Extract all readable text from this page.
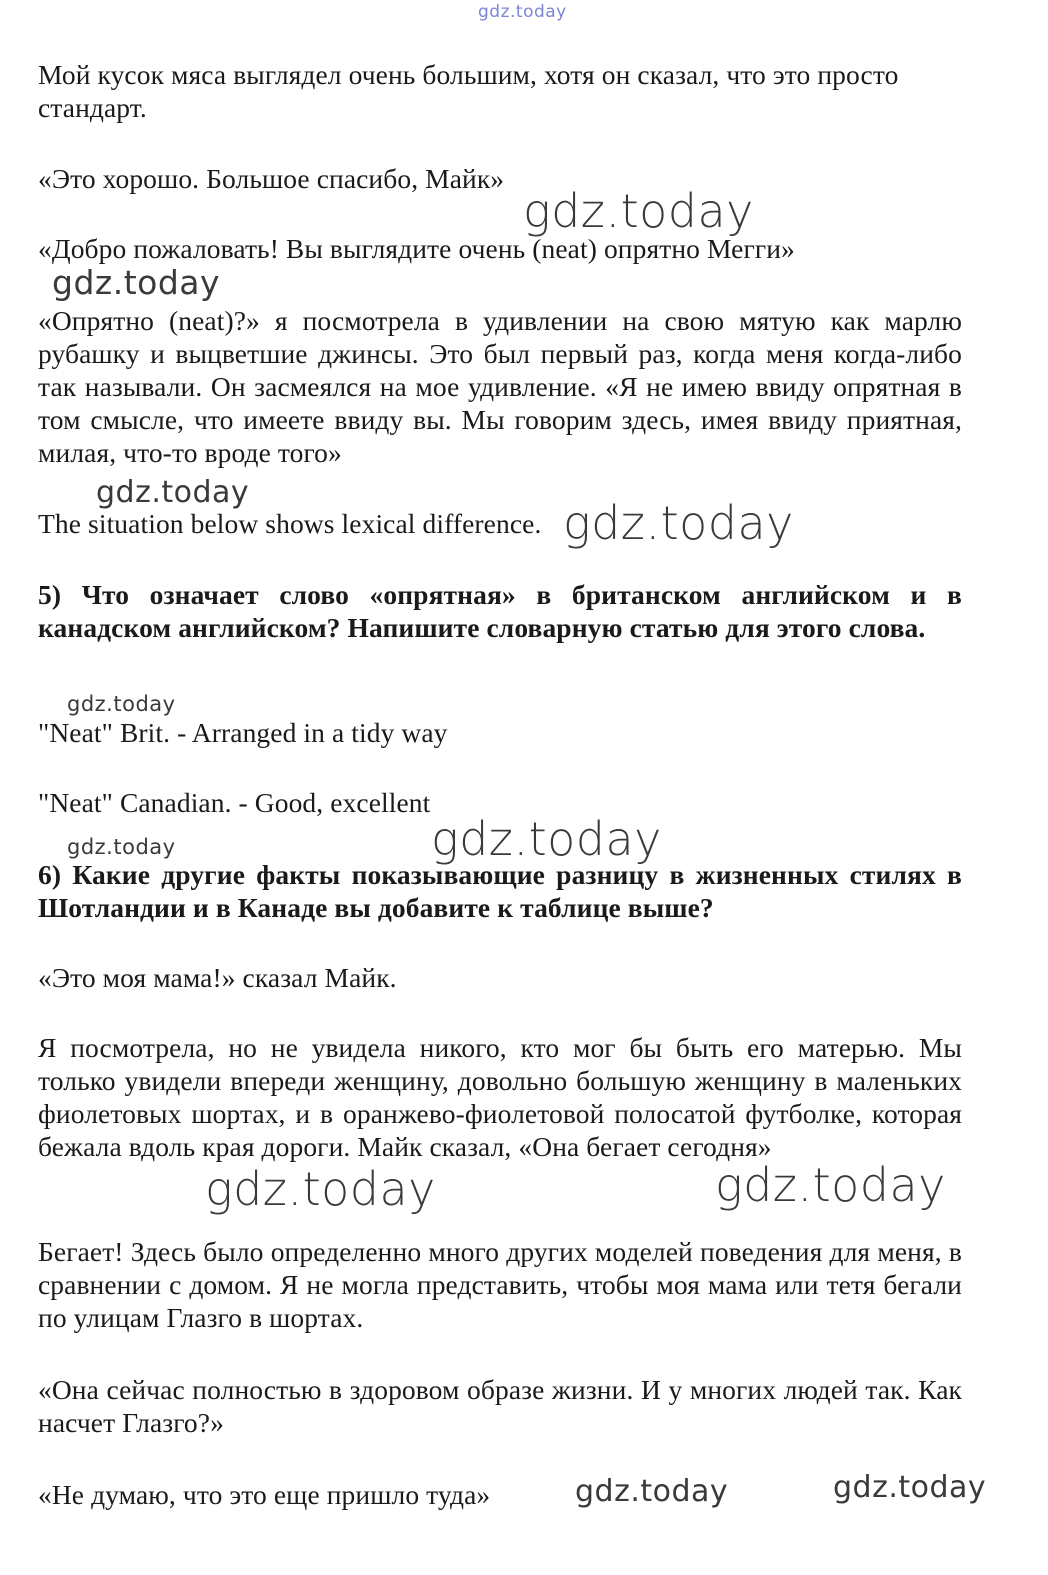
gdz.today

Мой кусок мяса выглядел очень большим, хотя он сказал, что это просто стандарт.

«Это хорошо. Большое спасибо, Майк»

gdz.today

«Добро пожаловать! Вы выглядите очень (neat) опрятно Мегги»

gdz.today

«Опрятно (neat)?» я посмотрела в удивлении на свою мятую как марлю рубашку и выцветшие джинсы. Это был первый раз, когда меня когда-либо так называли. Он засмеялся на мое удивление. «Я не имею ввиду опрятная в том смысле, что имеете ввиду вы. Мы говорим здесь, имея ввиду приятная, милая, что-то вроде того»

gdz.today

The situation below shows lexical difference. gdz.today

5) Что означает слово «опрятная» в британском английском и в канадском английском? Напишите словарную статью для этого слова.

gdz.today

"Neat" Brit. - Arranged in a tidy way

"Neat" Canadian. - Good, excellent

gdz.today
gdz.today

6) Какие другие факты показывающие разницу в жизненных стилях в Шотландии и в Канаде вы добавите к таблице выше?

«Это моя мама!» сказал Майк.

Я посмотрела, но не увидела никого, кто мог бы быть его матерью. Мы только увидели впереди женщину, довольно большую женщину в маленьких фиолетовых шортах, и в оранжево-фиолетовой полосатой футболке, которая бежала вдоль края дороги. Майк сказал, «Она бегает сегодня»

gdz.today	gdz.today

Бегает! Здесь было определенно много других моделей поведения для меня, в сравнении с домом. Я не могла представить, чтобы моя мама или тетя бегали по улицам Глазго в шортах.

«Она сейчас полностью в здоровом образе жизни. И у многих людей так. Как насчет Глазго?»

«Не думаю, что это еще пришло туда»	gdz.today	gdz.today
